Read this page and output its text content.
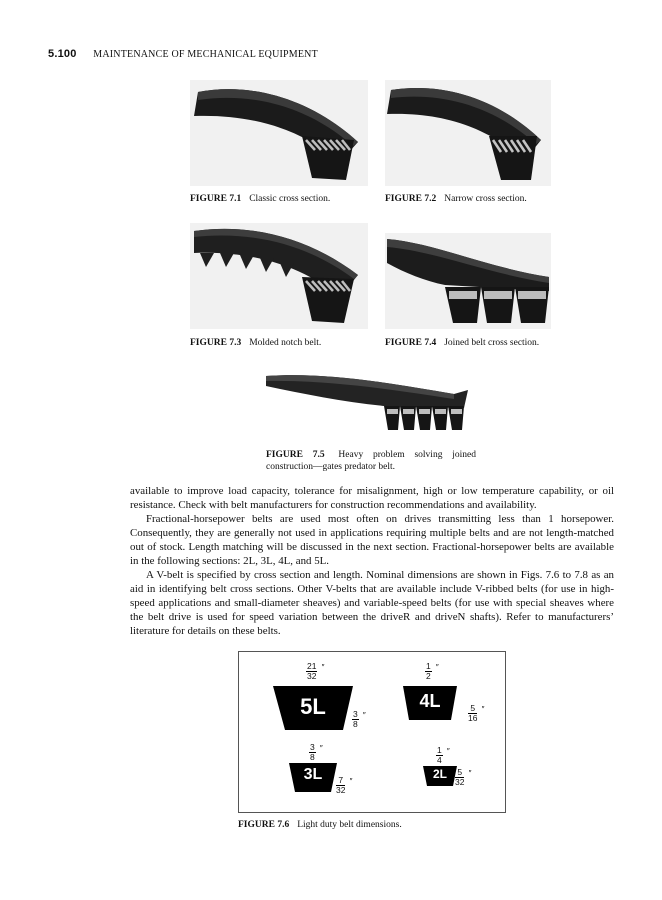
5.100 MAINTENANCE OF MECHANICAL EQUIPMENT
FIGURE 7.1 Classic cross section.	FIGURE 7.2 Narrow cross section.
FIGURE 7.3 Molded notch belt.	FIGURE 7.4 Joined belt cross section.
FIGURE 7.5 Heavy problem solving joined construction—gates predator belt.

available to improve load capacity, tolerance for misalignment, high or low temperature capability, or oil resistance. Check with belt manufacturers for construction recommendations and availability.

Fractional-horsepower belts are used most often on drives transmitting less than 1 horsepower. Consequently, they are generally not used in applications requiring multiple belts and are not length-matched out of stock. Length matching will be discussed in the next section. Fractional-horsepower belts are available in the following sections: 2L, 3L, 4L, and 5L.

A V-belt is specified by cross section and length. Nominal dimensions are shown in Figs. 7.6 to 7.8 as an aid in identifying belt cross sections. Other V-belts that are available include V-ribbed belts (for use in high-speed applications and small-diameter sheaves) and variable-speed belts (for use with special sheaves where the belt drive is used for speed variation between the driveR and driveN shafts). Refer to manufacturers’ literature for details on these belts.

5L
21
32
″
3
8
″
4L
1
2
″
5
16
″
3L
3
8
″
7
32
″
2L
1
4
″
5
32
″
FIGURE 7.6 Light duty belt dimensions.
